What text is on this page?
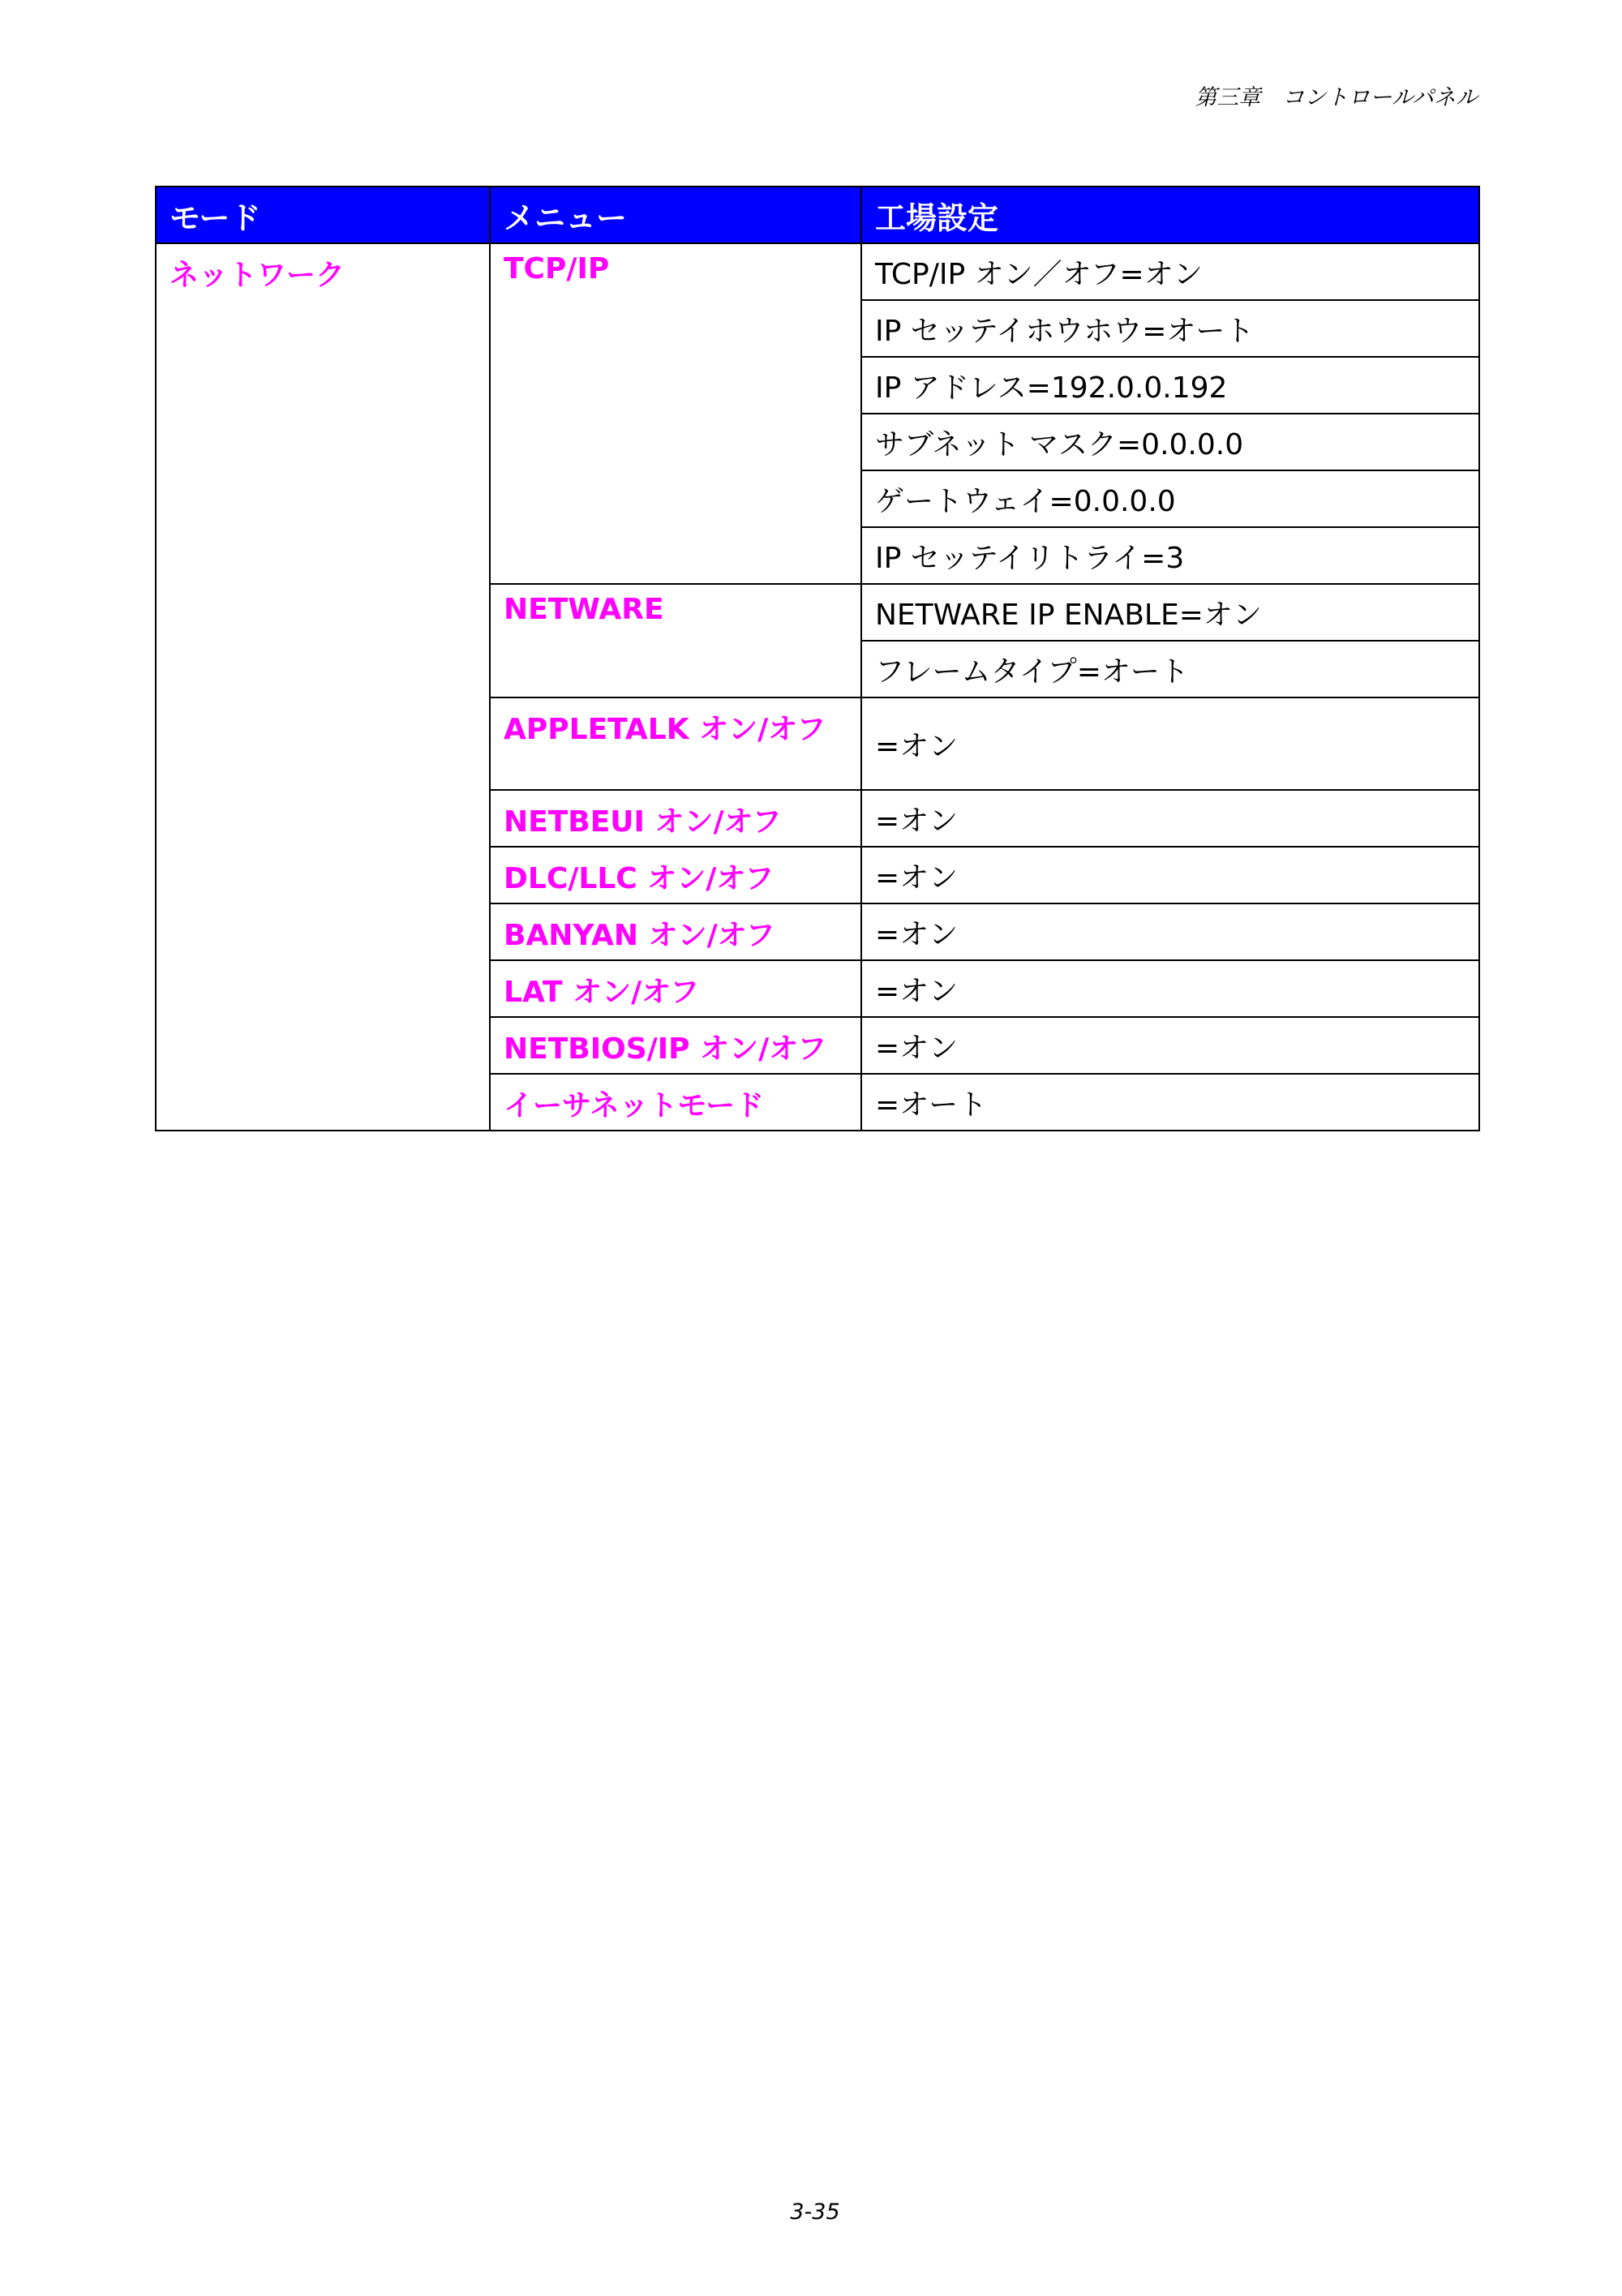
第三章　コントロールパネル
モード	メニュー	工場設定
ネットワーク	TCP/IP	TCP/IP オン／オフ=オン
		IP セッテイホウホウ=オート
		IP アドレス=192.0.0.192
		サブネット マスク=0.0.0.0
		ゲートウェイ=0.0.0.0
		IP セッテイリトライ=3
	NETWARE	NETWARE IP ENABLE=オン
		フレームタイプ=オート
	APPLETALK オン/オフ	=オン
	NETBEUI オン/オフ	=オン
	DLC/LLC オン/オフ	=オン
	BANYAN オン/オフ	=オン
	LAT オン/オフ	=オン
	NETBIOS/IP オン/オフ	=オン
	イーサネットモード	=オート
3-35
